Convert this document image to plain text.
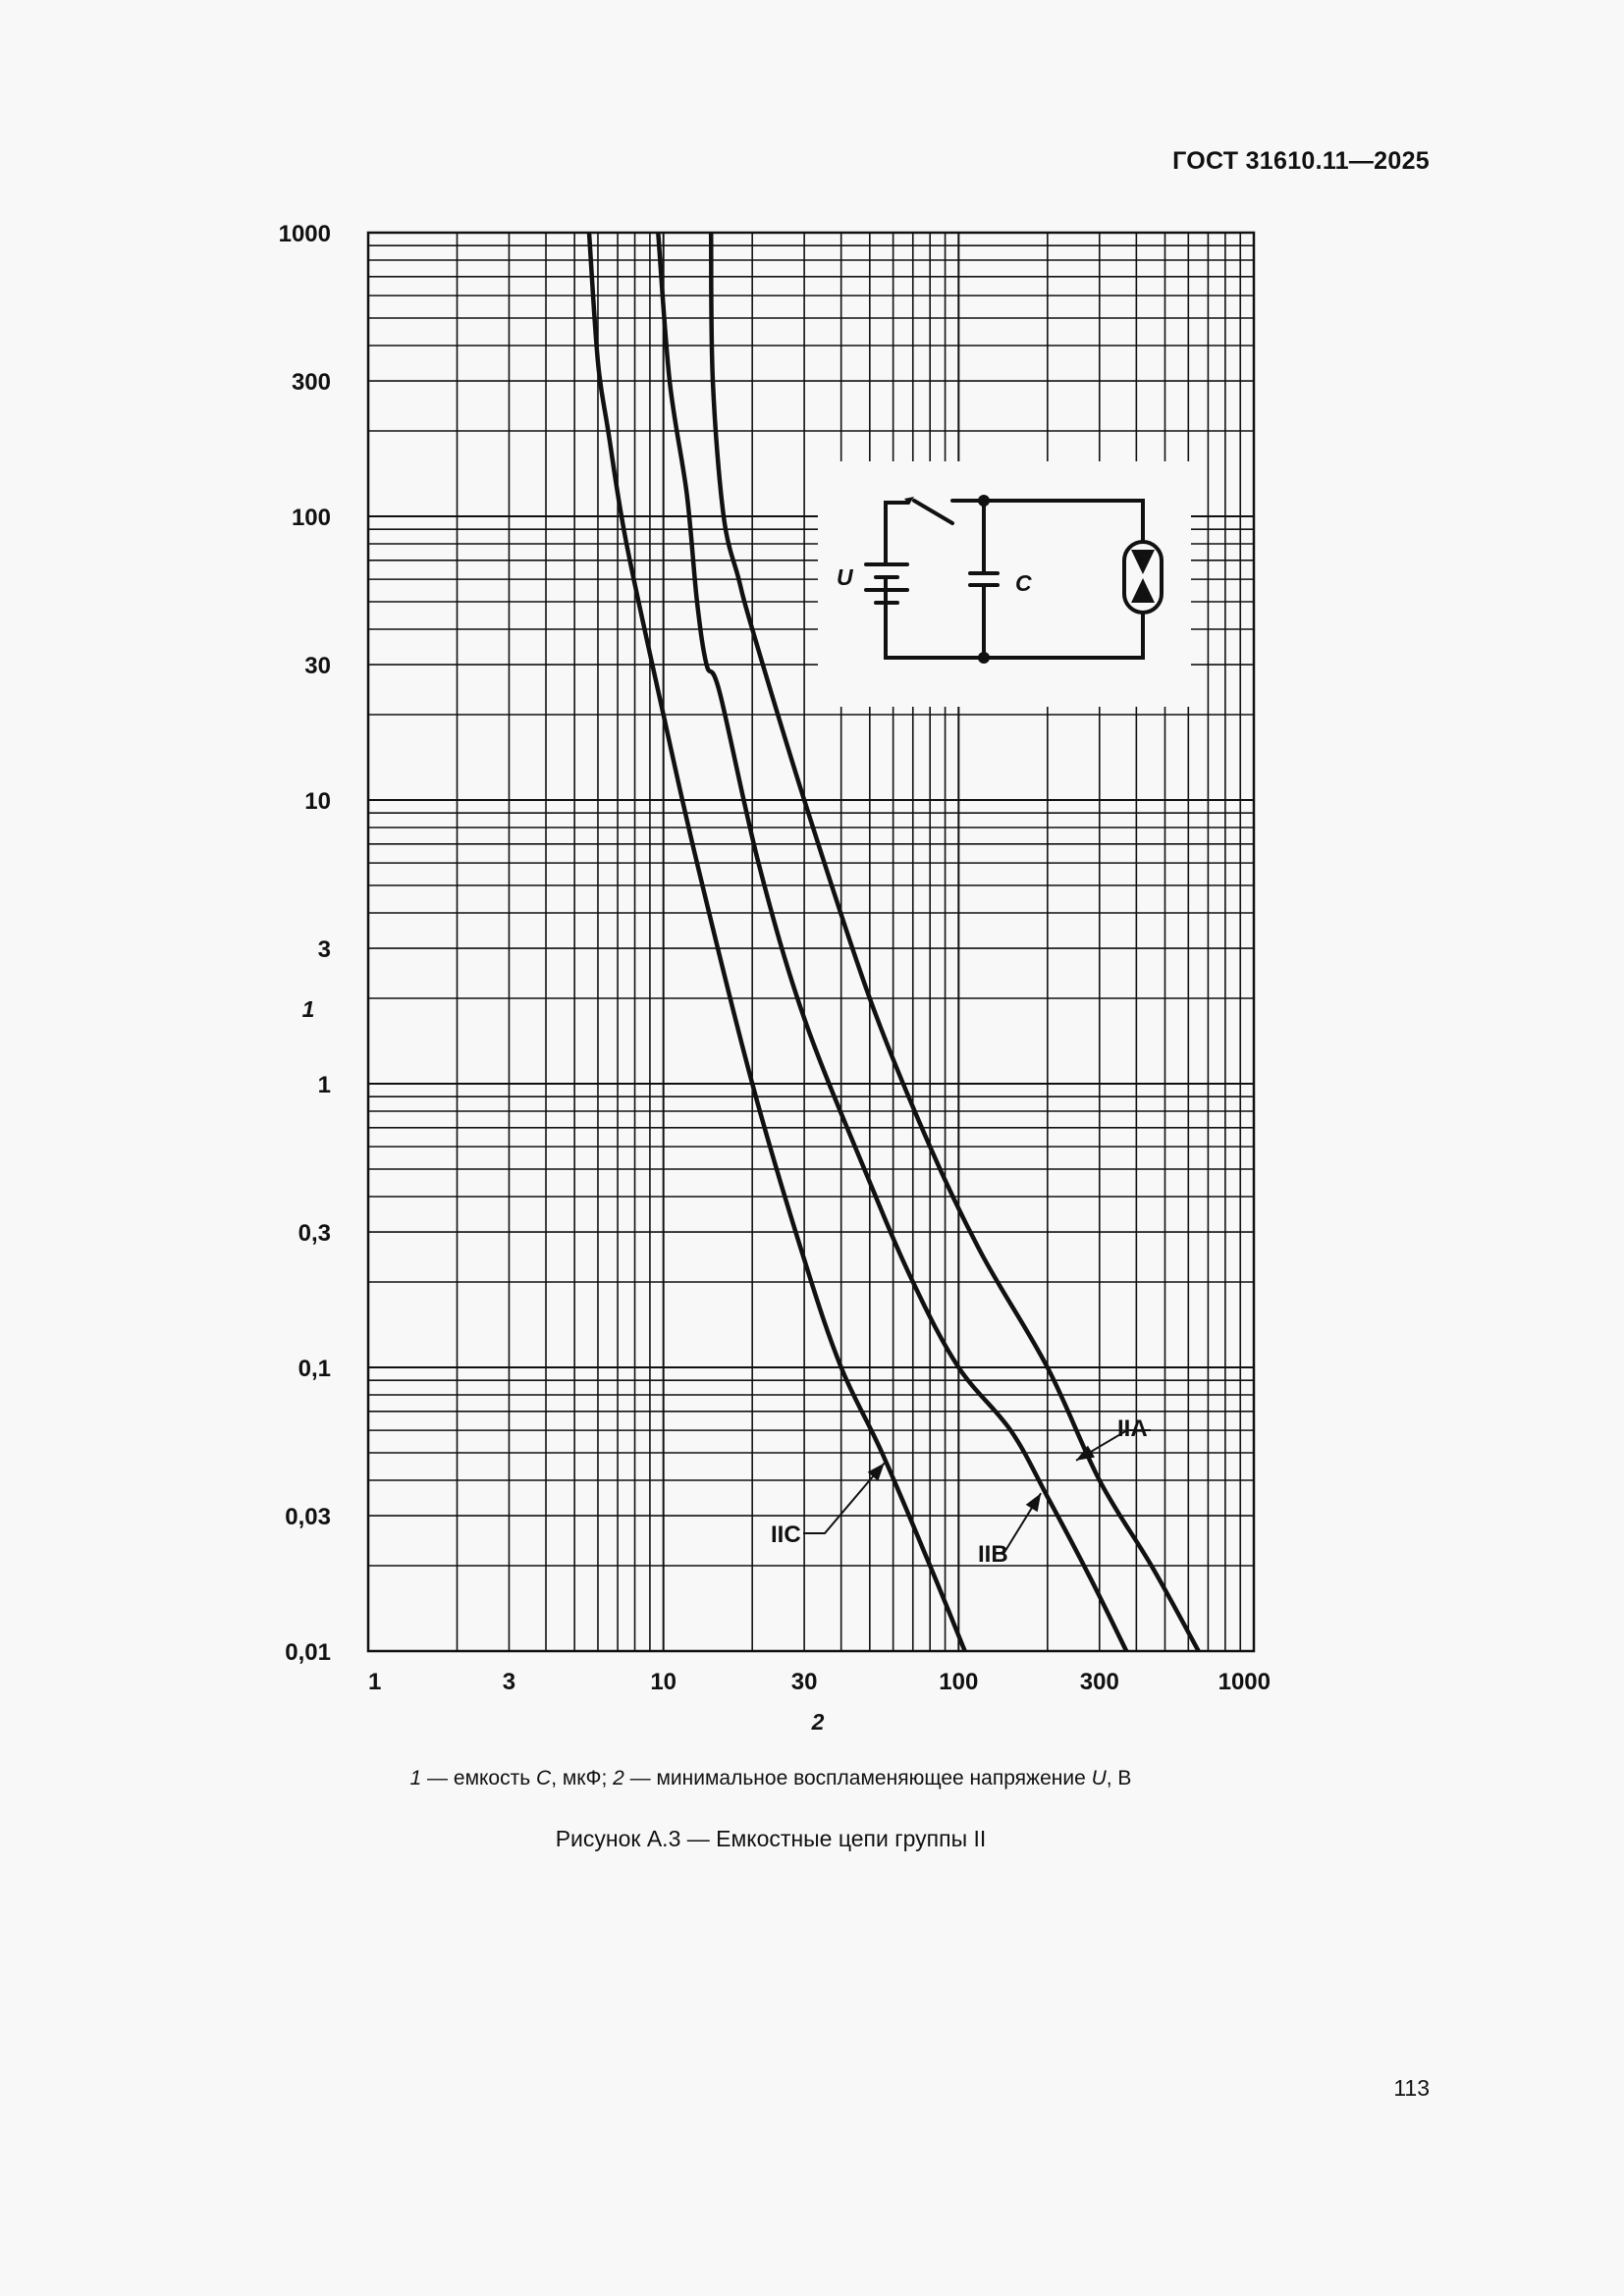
ГОСТ 31610.11—2025
U	C
1000
300
100
30
10
3
1
0,3
0,1
0,03
0,01
1	3	10	30	100	300	1000
2
1
IIA
IIB
IIC
1 — емкость C, мкФ; 2 — минимальное воспламеняющее напряжение U, В
Рисунок А.3 — Емкостные цепи группы II
113
